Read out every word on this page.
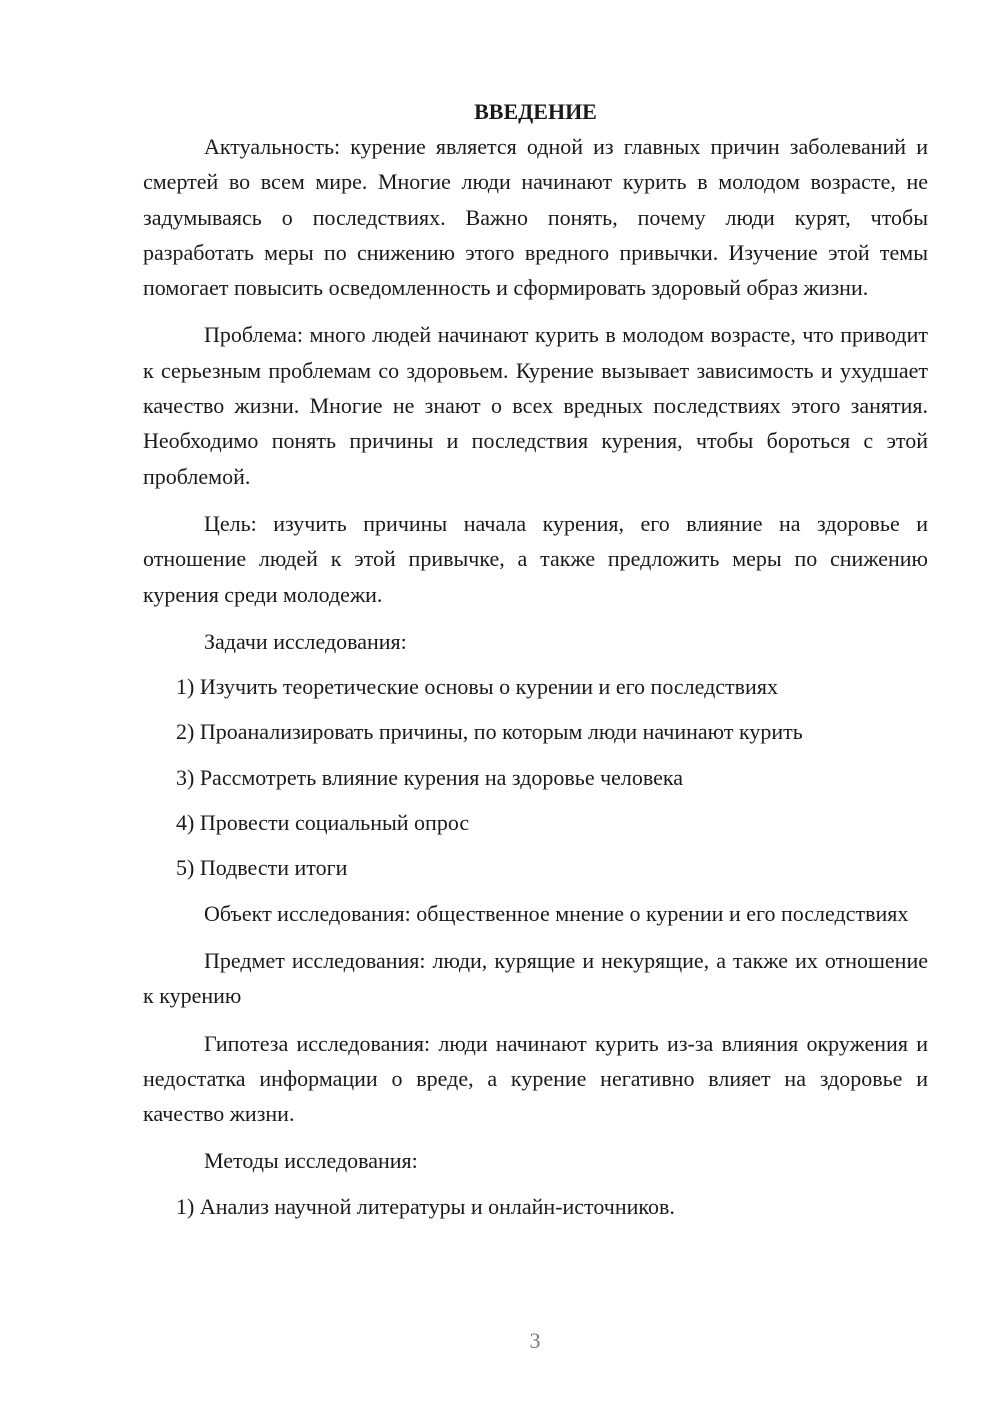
ВВЕДЕНИЕ

Актуальность: курение является одной из главных причин заболеваний и смертей во всем мире. Многие люди начинают курить в молодом возрасте, не задумываясь о последствиях. Важно понять, почему люди курят, чтобы разработать меры по снижению этого вредного привычки. Изучение этой темы помогает повысить осведомленность и сформировать здоровый образ жизни.

Проблема: много людей начинают курить в молодом возрасте, что приводит к серьезным проблемам со здоровьем. Курение вызывает зависимость и ухудшает качество жизни. Многие не знают о всех вредных последствиях этого занятия. Необходимо понять причины и последствия курения, чтобы бороться с этой проблемой.

Цель: изучить причины начала курения, его влияние на здоровье и отношение людей к этой привычке, а также предложить меры по снижению курения среди молодежи.

Задачи исследования:

1) Изучить теоретические основы о курении и его последствиях

2) Проанализировать причины, по которым люди начинают курить

3) Рассмотреть влияние курения на здоровье человека

4) Провести социальный опрос

5) Подвести итоги

Объект исследования: общественное мнение о курении и его последствиях

Предмет исследования: люди, курящие и некурящие, а также их отношение к курению

Гипотеза исследования: люди начинают курить из-за влияния окружения и недостатка информации о вреде, а курение негативно влияет на здоровье и качество жизни.

Методы исследования:

1) Анализ научной литературы и онлайн-источников.

3
